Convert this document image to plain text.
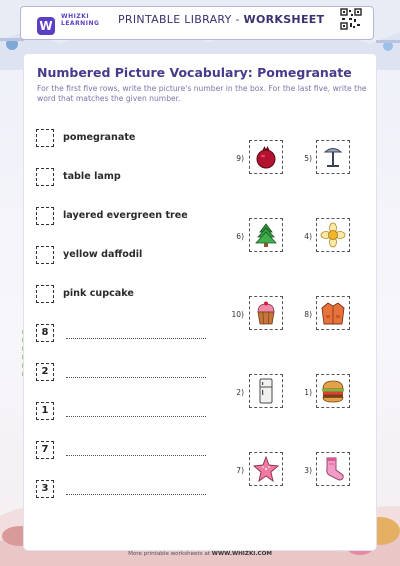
W
WHIZKI
LEARNING PRINTABLE LIBRARY - WORKSHEET
Numbered Picture Vocabulary: Pomegranate
For the first five rows, write the picture's number in the box. For the last five, write the word that matches the given number.
pomegranate
table lamp
layered evergreen tree
yellow daffodil
pink cupcake
8
2
1
7
3
9)	5)
6)	4)
10)	8)
2)	1)
7)	3)
More printable worksheets at WWW.WHIZKI.COM
